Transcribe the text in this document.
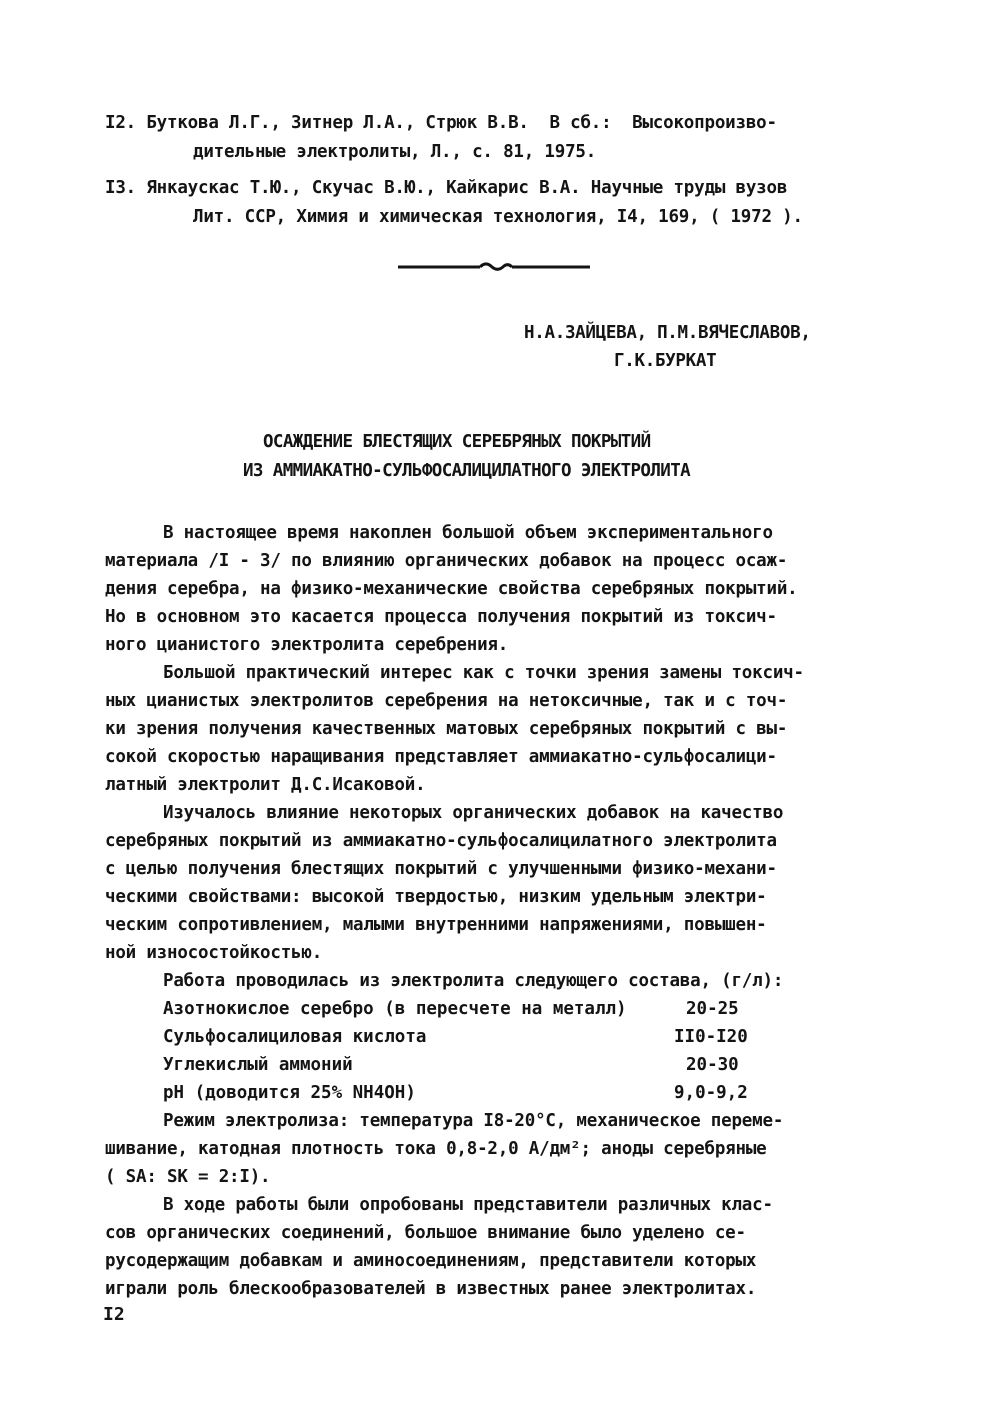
I2. Буткова Л.Г., Зитнер Л.А., Стрюк В.В.  В сб.:  Высокопроизво-
дительные электролиты, Л., с. 81, 1975.
I3. Янкаускас Т.Ю., Скучас В.Ю., Кайкарис В.А. Научные труды вузов
Лит. ССР, Химия и химическая технология, I4, 169, ( 1972 ).
Н.А.ЗАЙЦЕВА, П.М.ВЯЧЕСЛАВОВ,
Г.К.БУРКАТ
ОСАЖДЕНИЕ БЛЕСТЯЩИХ СЕРЕБРЯНЫХ ПОКРЫТИЙ
ИЗ АММИАКАТНО-СУЛЬФОСАЛИЦИЛАТНОГО ЭЛЕКТРОЛИТА
В настоящее время накоплен большой объем экспериментального
материала /I - 3/ по влиянию органических добавок на процесс осаж-
дения серебра, на физико-механические свойства серебряных покрытий.
Но в основном это касается процесса получения покрытий из токсич-
ного цианистого электролита серебрения.
Большой практический интерес как с точки зрения замены токсич-
ных цианистых электролитов серебрения на нетоксичные, так и с точ-
ки зрения получения качественных матовых серебряных покрытий с вы-
сокой скоростью наращивания представляет аммиакатно-сульфосалици-
латный электролит Д.С.Исаковой.
Изучалось влияние некоторых органических добавок на качество
серебряных покрытий из аммиакатно-сульфосалицилатного электролита
с целью получения блестящих покрытий с улучшенными физико-механи-
ческими свойствами: высокой твердостью, низким удельным электри-
ческим сопротивлением, малыми внутренними напряжениями, повышен-
ной износостойкостью.
Работа проводилась из электролита следующего состава, (г/л):
Азотнокислое серебро (в пересчете на металл)	20-25
Сульфосалициловая кислота	II0-I20
Углекислый аммоний	20-30
pH (доводится 25% NH4OH)	9,0-9,2
Режим электролиза: температура I8-20°C, механическое переме-
шивание, катодная плотность тока 0,8-2,0 А/дм²; аноды серебряные
( SA: SK = 2:I).
В ходе работы были опробованы представители различных клас-
сов органических соединений, большое внимание было уделено се-
русодержащим добавкам и аминосоединениям, представители которых
играли роль блескообразователей в известных ранее электролитах.
I2
